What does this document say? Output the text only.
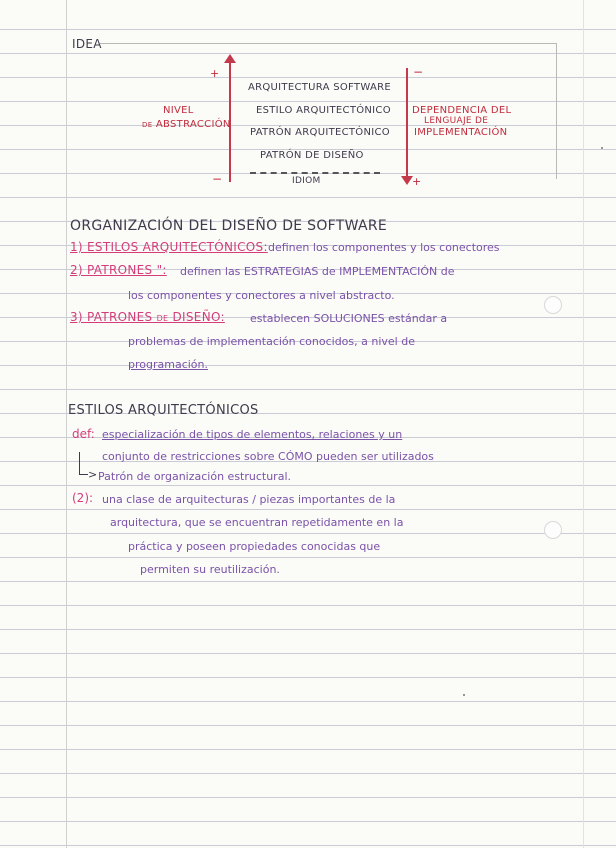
IDEA
+
−
−
+
NIVEL
de ABSTRACCIÓN
DEPENDENCIA DEL
LENGUAJE DE
IMPLEMENTACIÓN
ARQUITECTURA SOFTWARE
ESTILO ARQUITECTÓNICO
PATRÓN ARQUITECTÓNICO
PATRÓN DE DISEÑO
IDIOM
ORGANIZACIÓN DEL DISEÑO DE SOFTWARE
1) ESTILOS ARQUITECTÓNICOS: definen los componentes y los conectores
2) PATRONES ": definen las ESTRATEGIAS de IMPLEMENTACIÓN de
los componentes y conectores a nivel abstracto.
3) PATRONES de DISEÑO: establecen SOLUCIONES estándar a
problemas de implementación conocidos, a nivel de
programación.
ESTILOS ARQUITECTÓNICOS
def: especialización de tipos de elementos, relaciones y un
conjunto de restricciones sobre CÓMO pueden ser utilizados
> Patrón de organización estructural.
(2): una clase de arquitecturas / piezas importantes de la
arquitectura, que se encuentran repetidamente en la
práctica y poseen propiedades conocidas que
permiten su reutilización.
